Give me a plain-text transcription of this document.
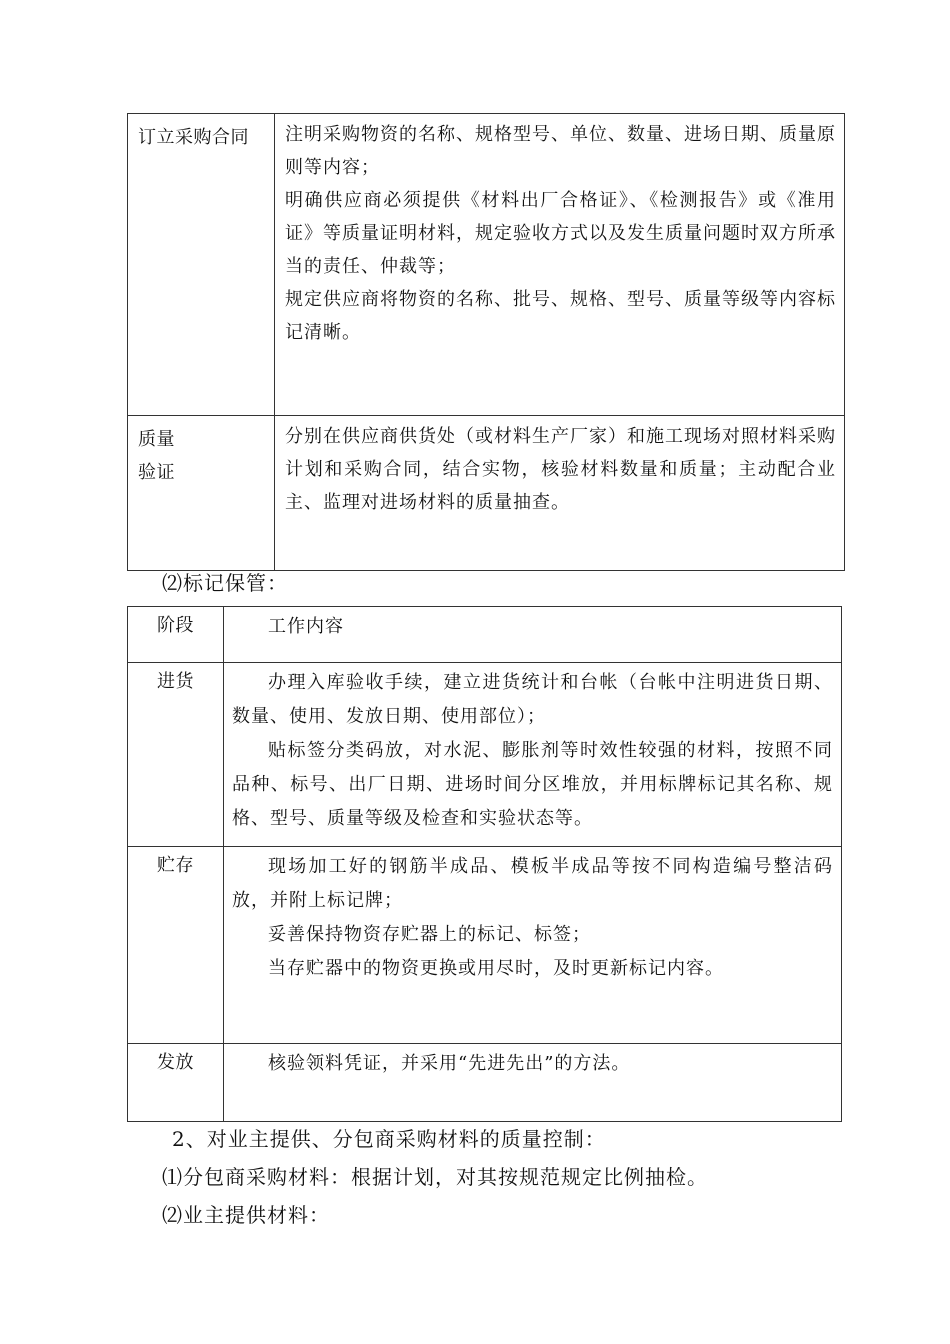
订立采购合同	注明采购物资的名称、规格型号、单位、数量、进场日期、质量原则等内容；

明确供应商必须提供《材料出厂合格证》、《检测报告》或《准用证》等质量证明材料，规定验收方式以及发生质量问题时双方所承当的责任、仲裁等；

规定供应商将物资的名称、批号、规格、型号、质量等级等内容标记清晰。

质量
验证	分别在供应商供货处（或材料生产厂家）和施工现场对照材料采购计划和采购合同，结合实物，核验材料数量和质量；主动配合业主、监理对进场材料的质量抽查。

⑵标记保管：
阶段	工作内容

进货	办理入库验收手续，建立进货统计和台帐（台帐中注明进货日期、数量、使用、发放日期、使用部位）；

贴标签分类码放，对水泥、膨胀剂等时效性较强的材料，按照不同品种、标号、出厂日期、进场时间分区堆放，并用标牌标记其名称、规格、型号、质量等级及检查和实验状态等。

贮存	现场加工好的钢筋半成品、模板半成品等按不同构造编号整洁码放，并附上标记牌；

妥善保持物资存贮器上的标记、标签；

当存贮器中的物资更换或用尽时，及时更新标记内容。

发放	核验领料凭证，并采用“先进先出”的方法。

2、对业主提供、分包商采购材料的质量控制：
⑴分包商采购材料：根据计划，对其按规范规定比例抽检。
⑵业主提供材料：
